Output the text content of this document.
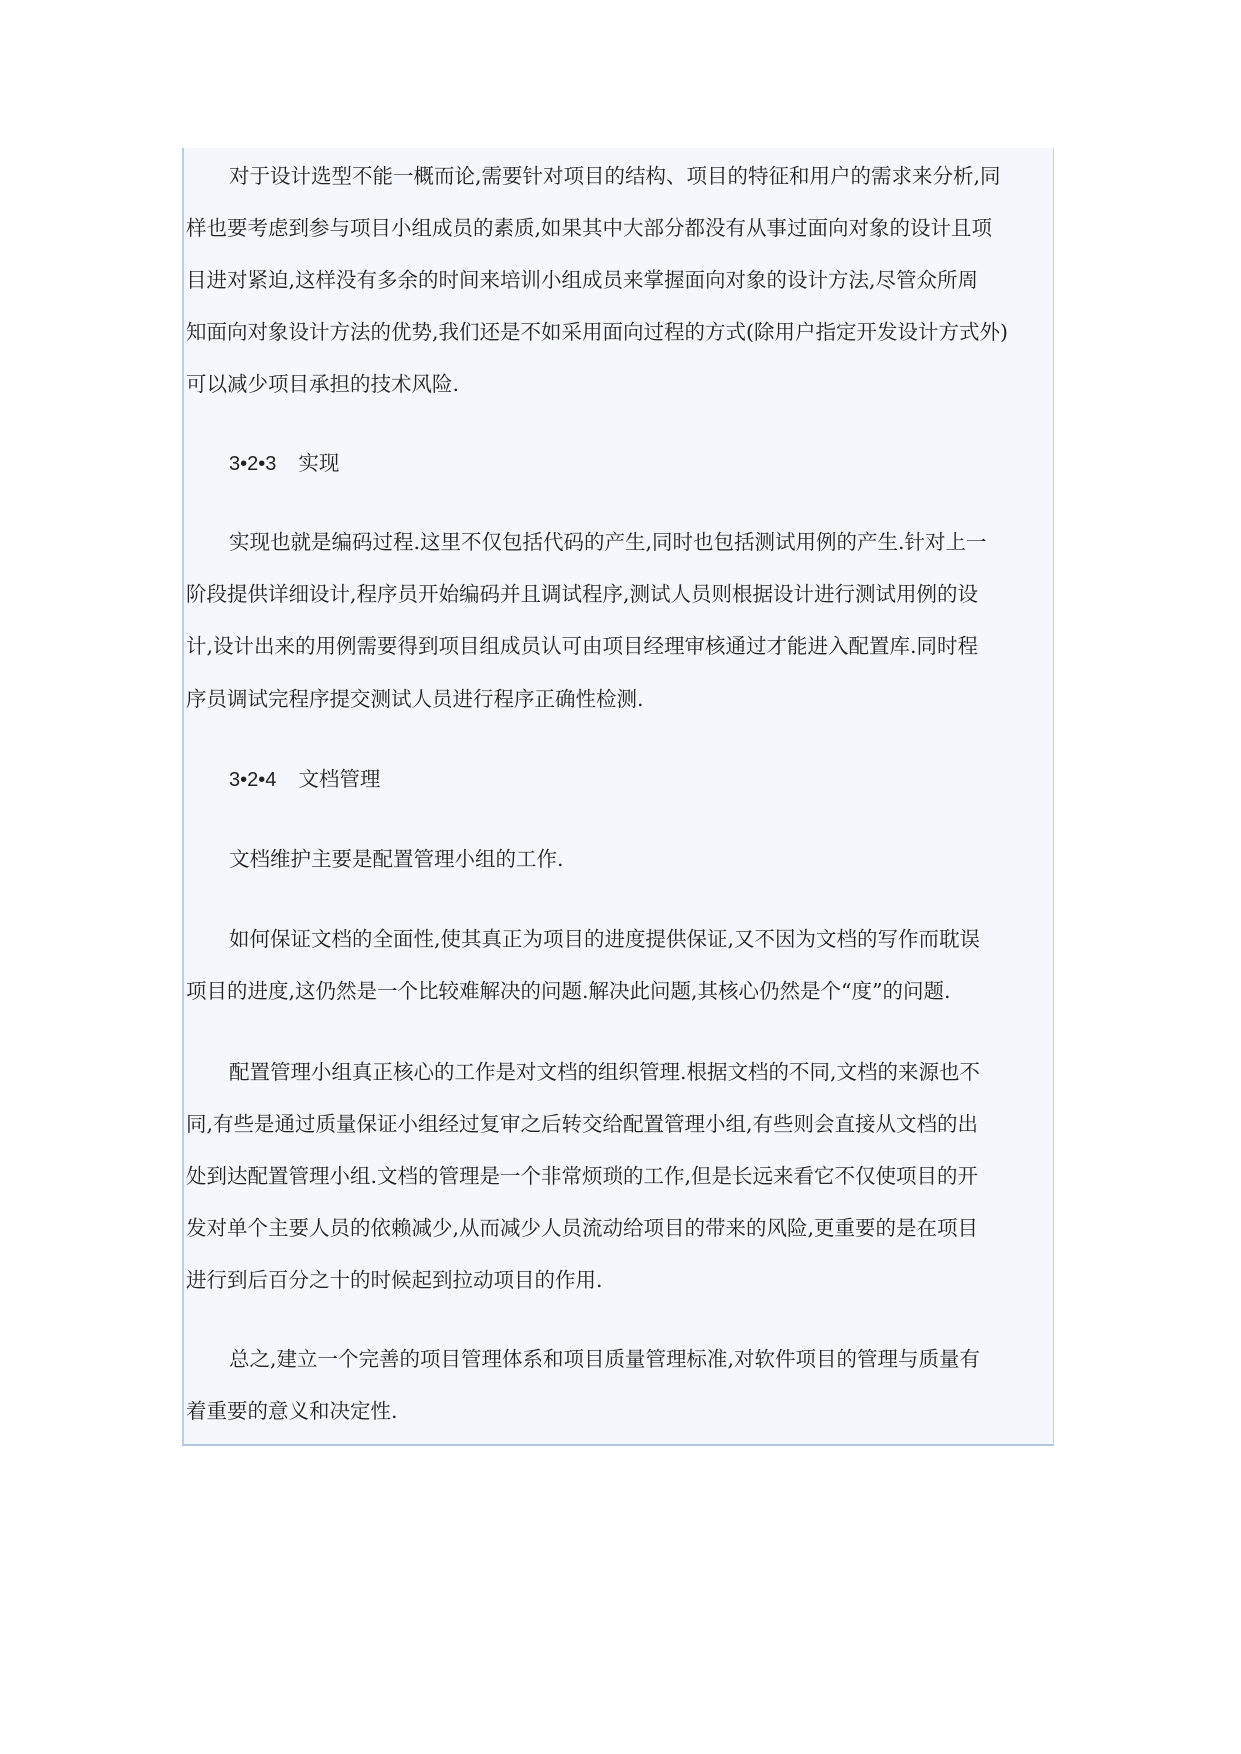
对于设计选型不能一概而论,需要针对项目的结构、项目的特征和用户的需求来分析,同
样也要考虑到参与项目小组成员的素质,如果其中大部分都没有从事过面向对象的设计且项
目进对紧迫,这样没有多余的时间来培训小组成员来掌握面向对象的设计方法,尽管众所周
知面向对象设计方法的优势,我们还是不如采用面向过程的方式(除用户指定开发设计方式外)
可以减少项目承担的技术风险.
3•2•3 实现
实现也就是编码过程.这里不仅包括代码的产生,同时也包括测试用例的产生.针对上一
阶段提供详细设计,程序员开始编码并且调试程序,测试人员则根据设计进行测试用例的设
计,设计出来的用例需要得到项目组成员认可由项目经理审核通过才能进入配置库.同时程
序员调试完程序提交测试人员进行程序正确性检测.
3•2•4 文档管理
文档维护主要是配置管理小组的工作.
如何保证文档的全面性,使其真正为项目的进度提供保证,又不因为文档的写作而耽误
项目的进度,这仍然是一个比较难解决的问题.解决此问题,其核心仍然是个“度”的问题.
配置管理小组真正核心的工作是对文档的组织管理.根据文档的不同,文档的来源也不
同,有些是通过质量保证小组经过复审之后转交给配置管理小组,有些则会直接从文档的出
处到达配置管理小组.文档的管理是一个非常烦琐的工作,但是长远来看它不仅使项目的开
发对单个主要人员的依赖减少,从而减少人员流动给项目的带来的风险,更重要的是在项目
进行到后百分之十的时候起到拉动项目的作用.
总之,建立一个完善的项目管理体系和项目质量管理标准,对软件项目的管理与质量有
着重要的意义和决定性.
